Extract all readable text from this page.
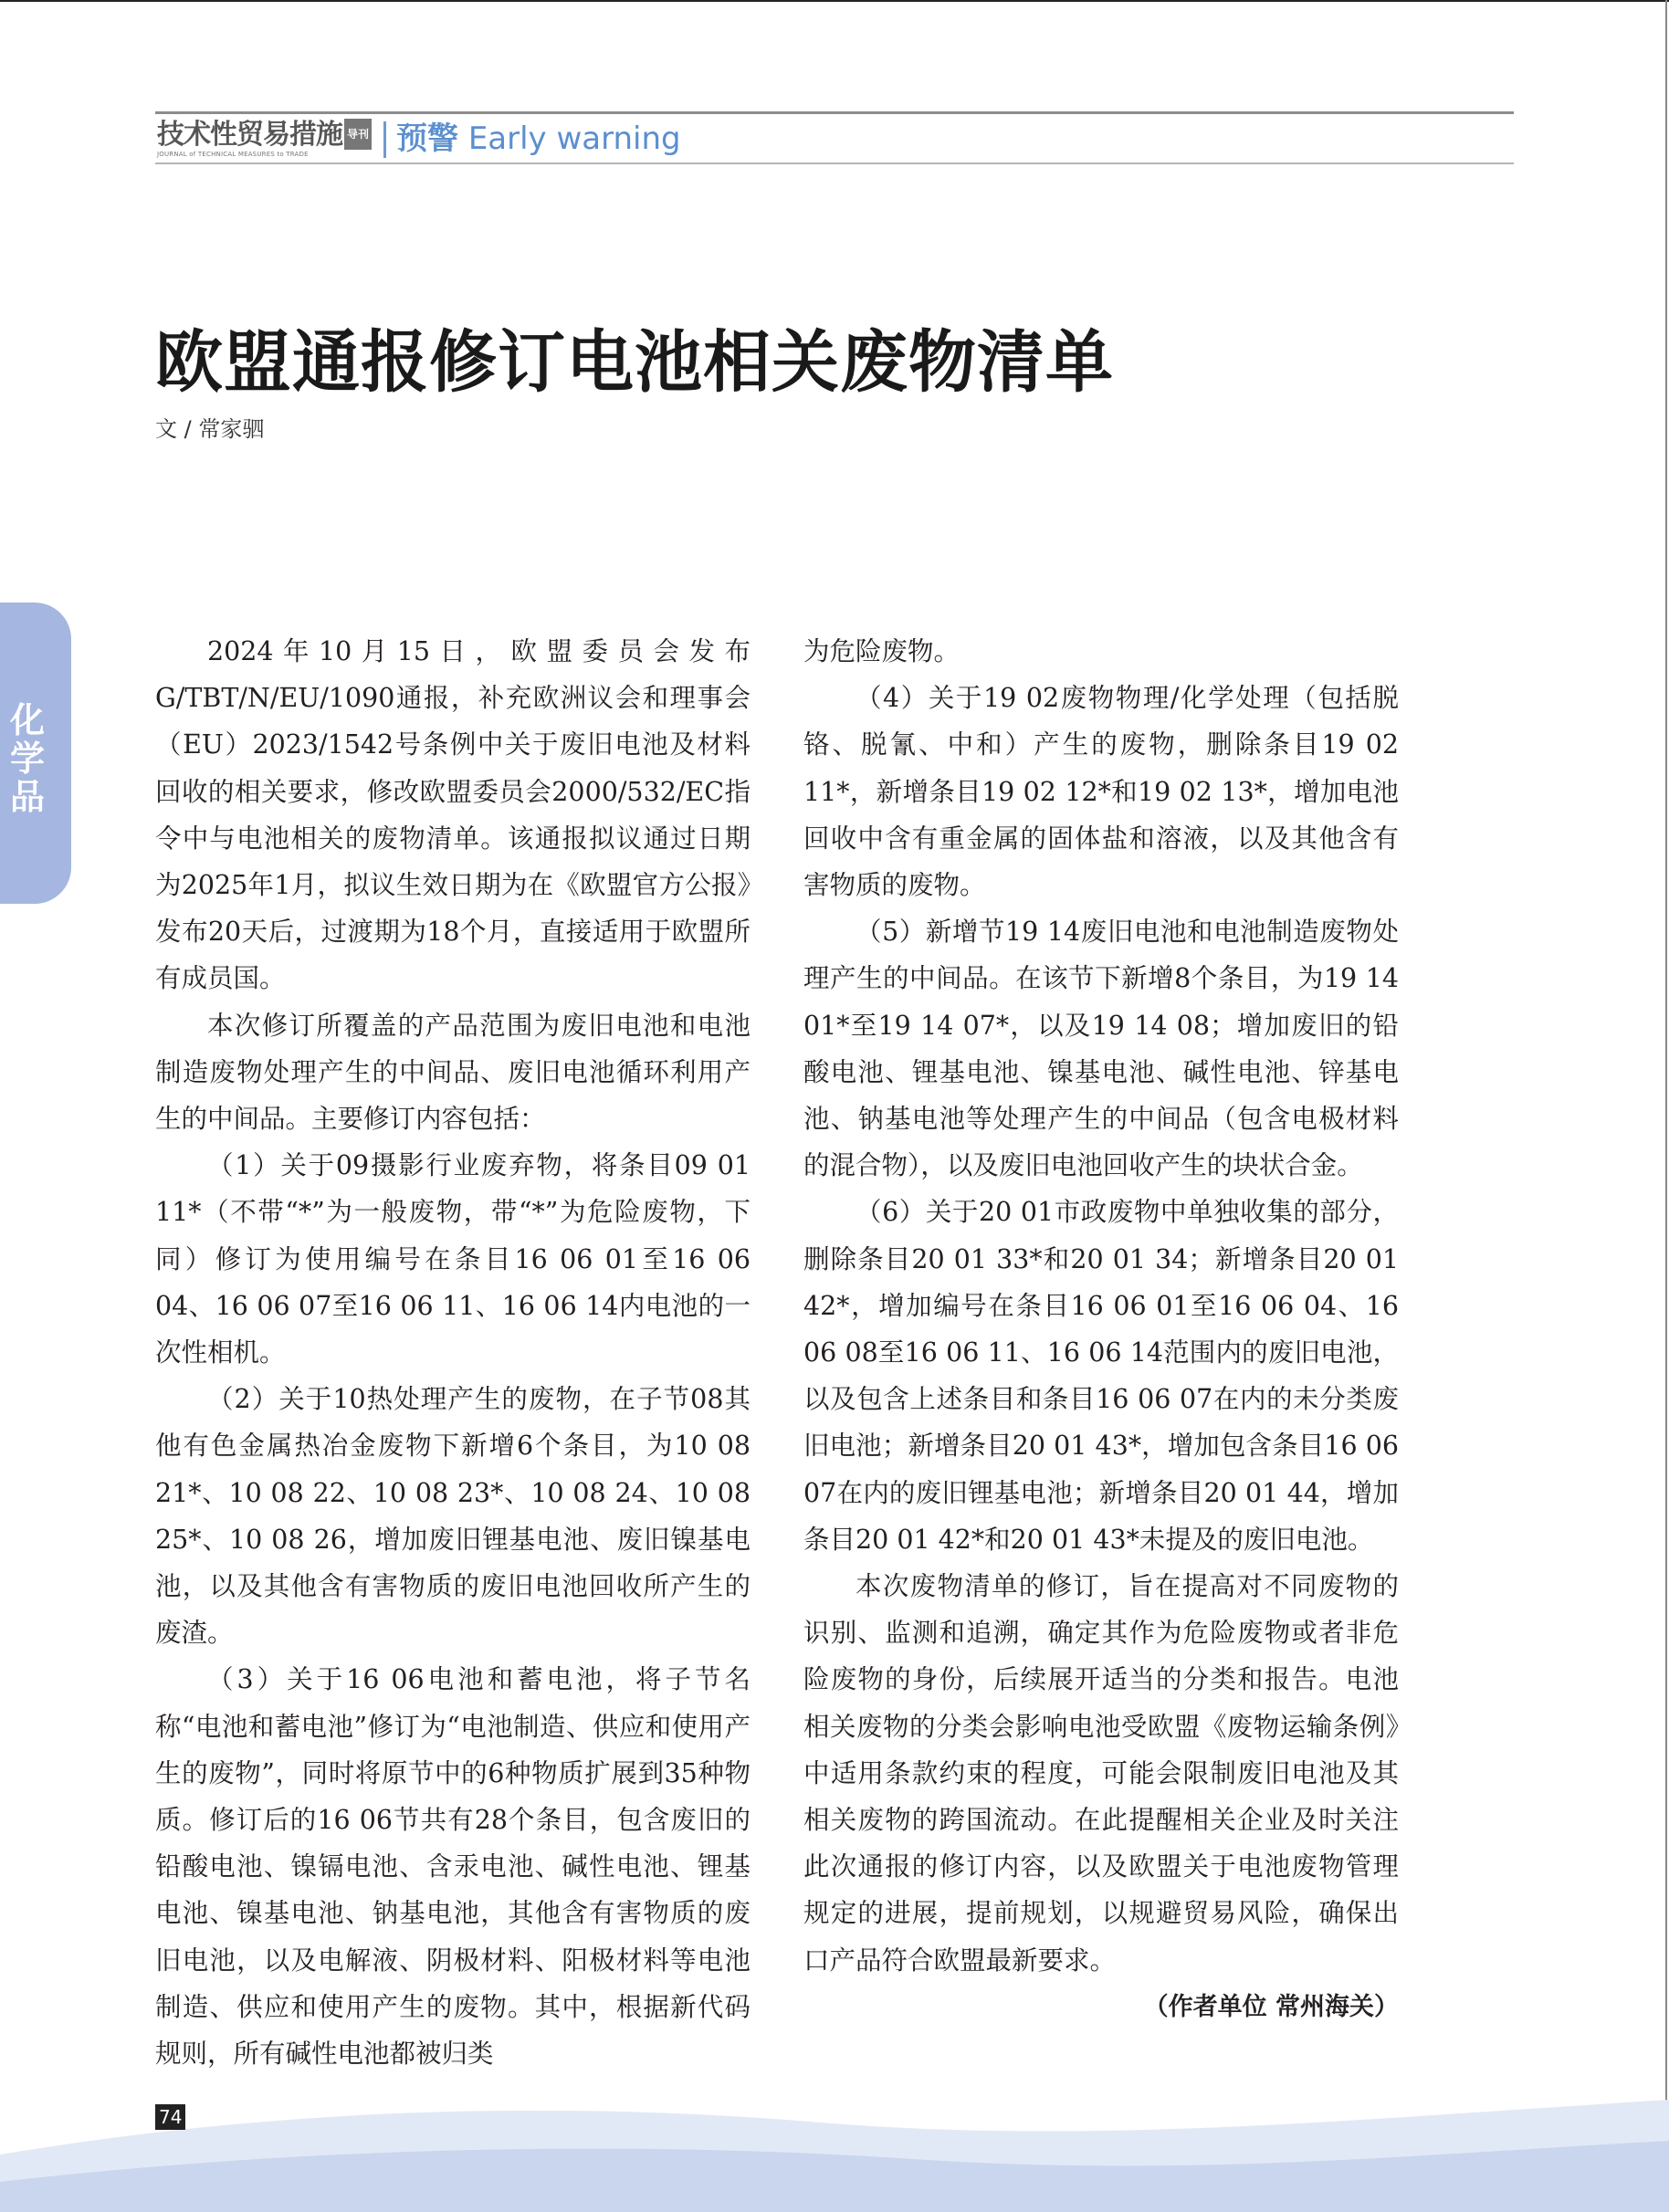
技术性贸易措施 导刊
JOURNAL of TECHNICAL MEASURES to TRADE	预警 Early warning
欧盟通报修订电池相关废物清单
文 / 常家驷
化学品

2024年10月15日，欧盟委员会发布G/TBT/N/EU/1090通报，补充欧洲议会和理事会（EU）2023/1542号条例中关于废旧电池及材料回收的相关要求，修改欧盟委员会2000/532/EC指令中与电池相关的废物清单。该通报拟议通过日期为2025年1月，拟议生效日期为在《欧盟官方公报》发布20天后，过渡期为18个月，直接适用于欧盟所有成员国。

本次修订所覆盖的产品范围为废旧电池和电池制造废物处理产生的中间品、废旧电池循环利用产生的中间品。主要修订内容包括：

（1）关于09摄影行业废弃物，将条目09 01 11*（不带“*”为一般废物，带“*”为危险废物，下同）修订为使用编号在条目16 06 01至16 06 04、16 06 07至16 06 11、16 06 14内电池的一次性相机。

（2）关于10热处理产生的废物，在子节08其他有色金属热冶金废物下新增6个条目，为10 08 21*、10 08 22、10 08 23*、10 08 24、10 08 25*、10 08 26，增加废旧锂基电池、废旧镍基电池，以及其他含有害物质的废旧电池回收所产生的废渣。

（3）关于16 06电池和蓄电池，将子节名称“电池和蓄电池”修订为“电池制造、供应和使用产生的废物”，同时将原节中的6种物质扩展到35种物质。修订后的16 06节共有28个条目，包含废旧的铅酸电池、镍镉电池、含汞电池、碱性电池、锂基电池、镍基电池、钠基电池，其他含有害物质的废旧电池，以及电解液、阴极材料、阳极材料等电池制造、供应和使用产生的废物。其中，根据新代码规则，所有碱性电池都被归类

为危险废物。

（4）关于19 02废物物理/化学处理（包括脱铬、脱氰、中和）产生的废物，删除条目19 02 11*，新增条目19 02 12*和19 02 13*，增加电池回收中含有重金属的固体盐和溶液，以及其他含有害物质的废物。

（5）新增节19 14废旧电池和电池制造废物处理产生的中间品。在该节下新增8个条目，为19 14 01*至19 14 07*，以及19 14 08；增加废旧的铅酸电池、锂基电池、镍基电池、碱性电池、锌基电池、钠基电池等处理产生的中间品（包含电极材料的混合物），以及废旧电池回收产生的块状合金。

（6）关于20 01市政废物中单独收集的部分，删除条目20 01 33*和20 01 34；新增条目20 01 42*，增加编号在条目16 06 01至16 06 04、16 06 08至16 06 11、16 06 14范围内的废旧电池，以及包含上述条目和条目16 06 07在内的未分类废旧电池；新增条目20 01 43*，增加包含条目16 06 07在内的废旧锂基电池；新增条目20 01 44，增加条目20 01 42*和20 01 43*未提及的废旧电池。

本次废物清单的修订，旨在提高对不同废物的识别、监测和追溯，确定其作为危险废物或者非危险废物的身份，后续展开适当的分类和报告。电池相关废物的分类会影响电池受欧盟《废物运输条例》中适用条款约束的程度，可能会限制废旧电池及其相关废物的跨国流动。在此提醒相关企业及时关注此次通报的修订内容，以及欧盟关于电池废物管理规定的进展，提前规划，以规避贸易风险，确保出口产品符合欧盟最新要求。

（作者单位 常州海关）

74
